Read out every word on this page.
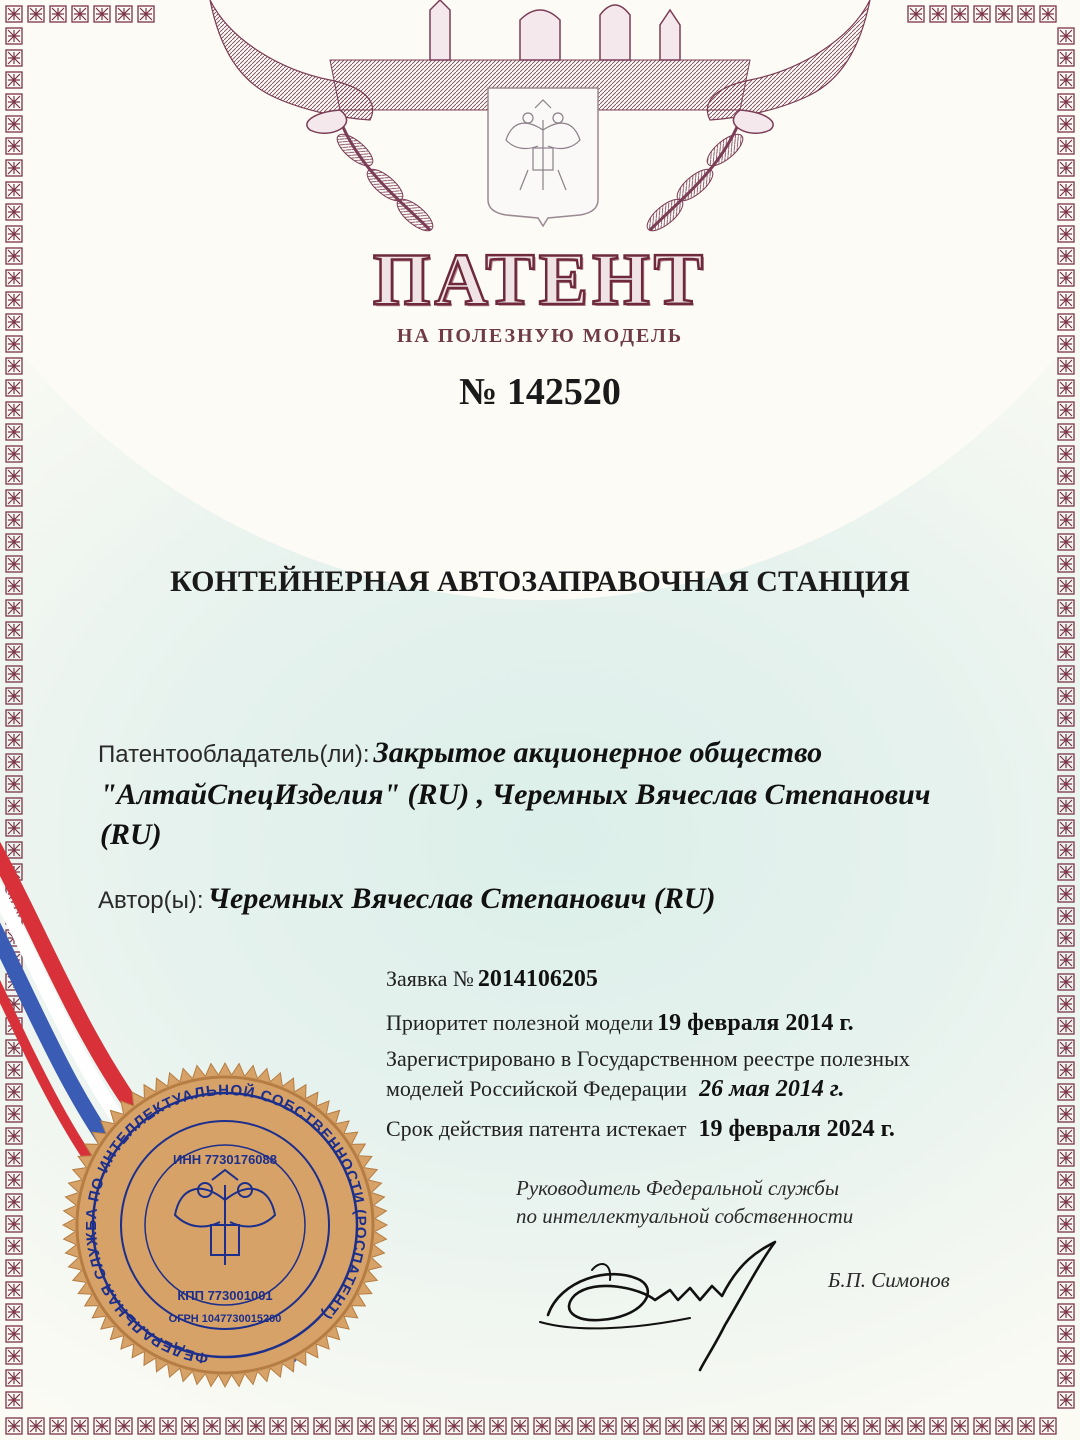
ФЕДЕРАЛЬНАЯ СЛУЖБА ПО ИНТЕЛЛЕКТУАЛЬНОЙ СОБСТВЕННОСТИ (РОСПАТЕНТ)
ИНН 7730176088
КПП 773001001
ОГРН 1047730015200
ПАТЕНТ
НА ПОЛЕЗНУЮ МОДЕЛЬ
№ 142520
КОНТЕЙНЕРНАЯ АВТОЗАПРАВОЧНАЯ СТАНЦИЯ
Патентообладатель(ли): Закрытое акционерное общество
"АлтайСпецИзделия" (RU) , Черемных Вячеслав Степанович
(RU)
Автор(ы): Черемных Вячеслав Степанович (RU)
Заявка № 2014106205
Приоритет полезной модели 19 февраля 2014 г.
Зарегистрировано в Государственном реестре полезных
моделей Российской Федерации 26 мая 2014 г.
Срок действия патента истекает 19 февраля 2024 г.
Руководитель Федеральной службы
по интеллектуальной собственности
Б.П. Симонов
